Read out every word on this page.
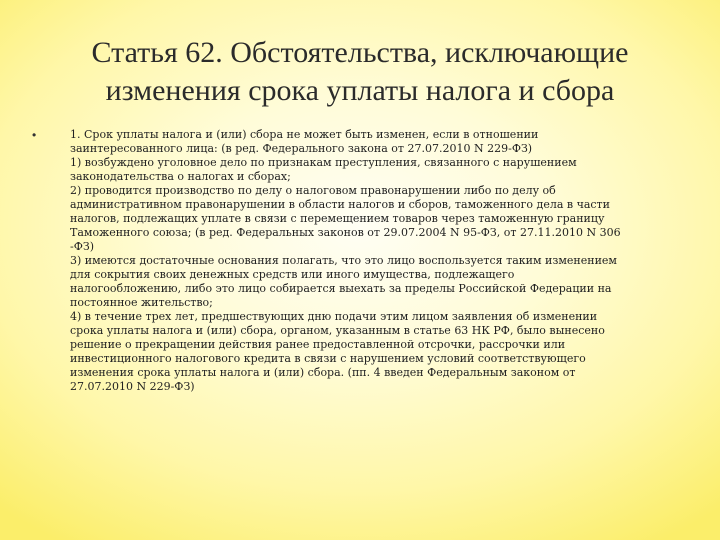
Статья 62. Обстоятельства, исключающие
изменения срока уплаты налога и сбора
•	1. Срок уплаты налога и (или) сбора не может быть изменен, если в отношении
заинтересованного лица: (в ред. Федерального закона от 27.07.2010 N 229-ФЗ)

1) возбуждено уголовное дело по признакам преступления, связанного с нарушением
законодательства о налогах и сборах;

2) проводится производство по делу о налоговом правонарушении либо по делу об
административном правонарушении в области налогов и сборов, таможенного дела в части
налогов, подлежащих уплате в связи с перемещением товаров через таможенную границу
Таможенного союза; (в ред. Федеральных законов от 29.07.2004 N 95-ФЗ, от 27.11.2010 N 306
-ФЗ)

3) имеются достаточные основания полагать, что это лицо воспользуется таким изменением
для сокрытия своих денежных средств или иного имущества, подлежащего
налогообложению, либо это лицо собирается выехать за пределы Российской Федерации на
постоянное жительство;

4) в течение трех лет, предшествующих дню подачи этим лицом заявления об изменении
срока уплаты налога и (или) сбора, органом, указанным в статье 63 НК РФ, было вынесено
решение о прекращении действия ранее предоставленной отсрочки, рассрочки или
инвестиционного налогового кредита в связи с нарушением условий соответствующего
изменения срока уплаты налога и (или) сбора. (пп. 4 введен Федеральным законом от
27.07.2010 N 229-ФЗ)
